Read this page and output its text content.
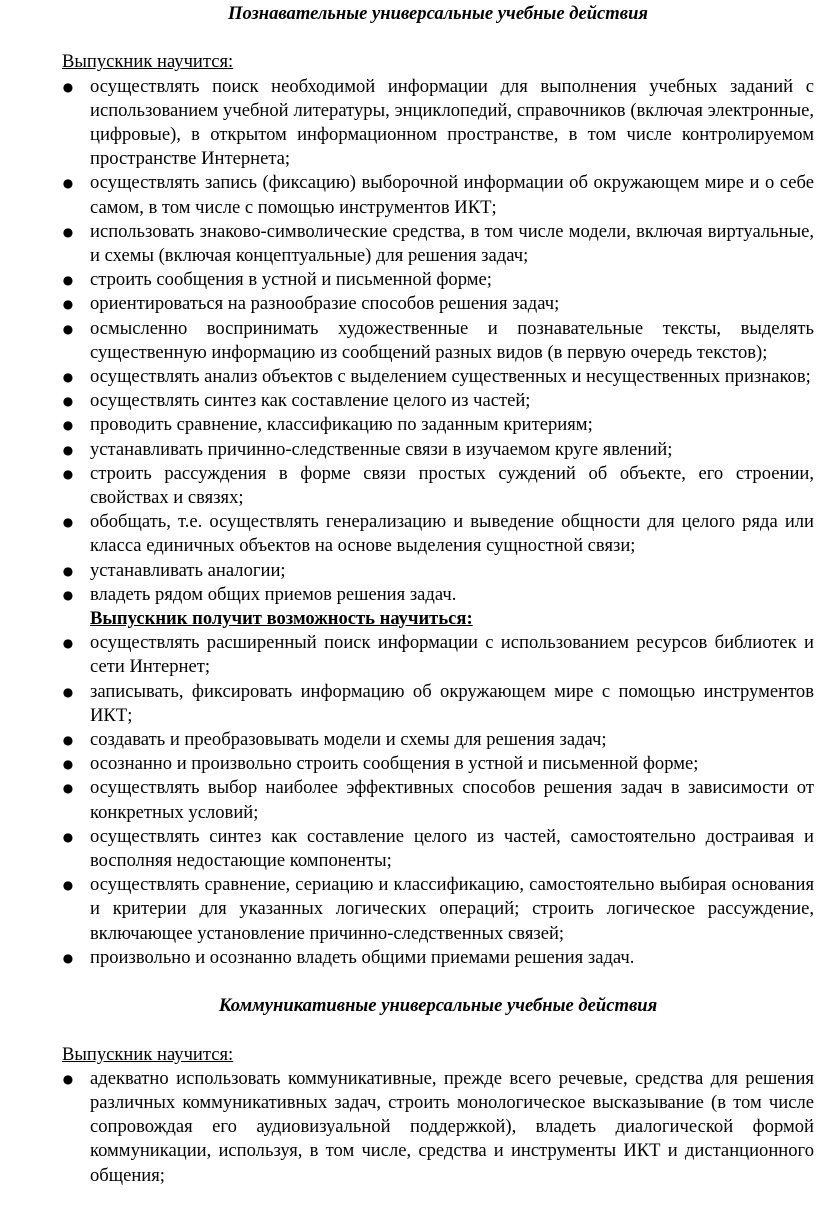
Познавательные универсальные учебные действия

Выпускник научится:

● осуществлять поиск необходимой информации для выполнения учебных заданий с использованием учебной литературы, энциклопедий, справочников (включая электронные, цифровые), в открытом информационном пространстве, в том числе контролируемом пространстве Интернета;
● осуществлять запись (фиксацию) выборочной информации об окружающем мире и о себе самом, в том числе с помощью инструментов ИКТ;
● использовать знаково-символические средства, в том числе модели, включая виртуальные, и схемы (включая концептуальные) для решения задач;
● строить сообщения в устной и письменной форме;
● ориентироваться на разнообразие способов решения задач;
● осмысленно воспринимать художественные и познавательные тексты, выделять существенную информацию из сообщений разных видов (в первую очередь текстов);
● осуществлять анализ объектов с выделением существенных и несущественных признаков;
● осуществлять синтез как составление целого из частей;
● проводить сравнение, классификацию по заданным критериям;
● устанавливать причинно-следственные связи в изучаемом круге явлений;
● строить рассуждения в форме связи простых суждений об объекте, его строении, свойствах и связях;
● обобщать, т.е. осуществлять генерализацию и выведение общности для целого ряда или класса единичных объектов на основе выделения сущностной связи;
● устанавливать аналогии;
● владеть рядом общих приемов решения задач.

Выпускник получит возможность научиться:

● осуществлять расширенный поиск информации с использованием ресурсов библиотек и сети Интернет;
● записывать, фиксировать информацию об окружающем мире с помощью инструментов ИКТ;
● создавать и преобразовывать модели и схемы для решения задач;
● осознанно и произвольно строить сообщения в устной и письменной форме;
● осуществлять выбор наиболее эффективных способов решения задач в зависимости от конкретных условий;
● осуществлять синтез как составление целого из частей, самостоятельно достраивая и восполняя недостающие компоненты;
● осуществлять сравнение, сериацию и классификацию, самостоятельно выбирая основания и критерии для указанных логических операций; строить логическое рассуждение, включающее установление причинно-следственных связей;
● произвольно и осознанно владеть общими приемами решения задач.

Коммуникативные универсальные учебные действия

Выпускник научится:

● адекватно использовать коммуникативные, прежде всего речевые, средства для решения различных коммуникативных задач, строить монологическое высказывание (в том числе сопровождая его аудиовизуальной поддержкой), владеть диалогической формой коммуникации, используя, в том числе, средства и инструменты ИКТ и дистанционного общения;
